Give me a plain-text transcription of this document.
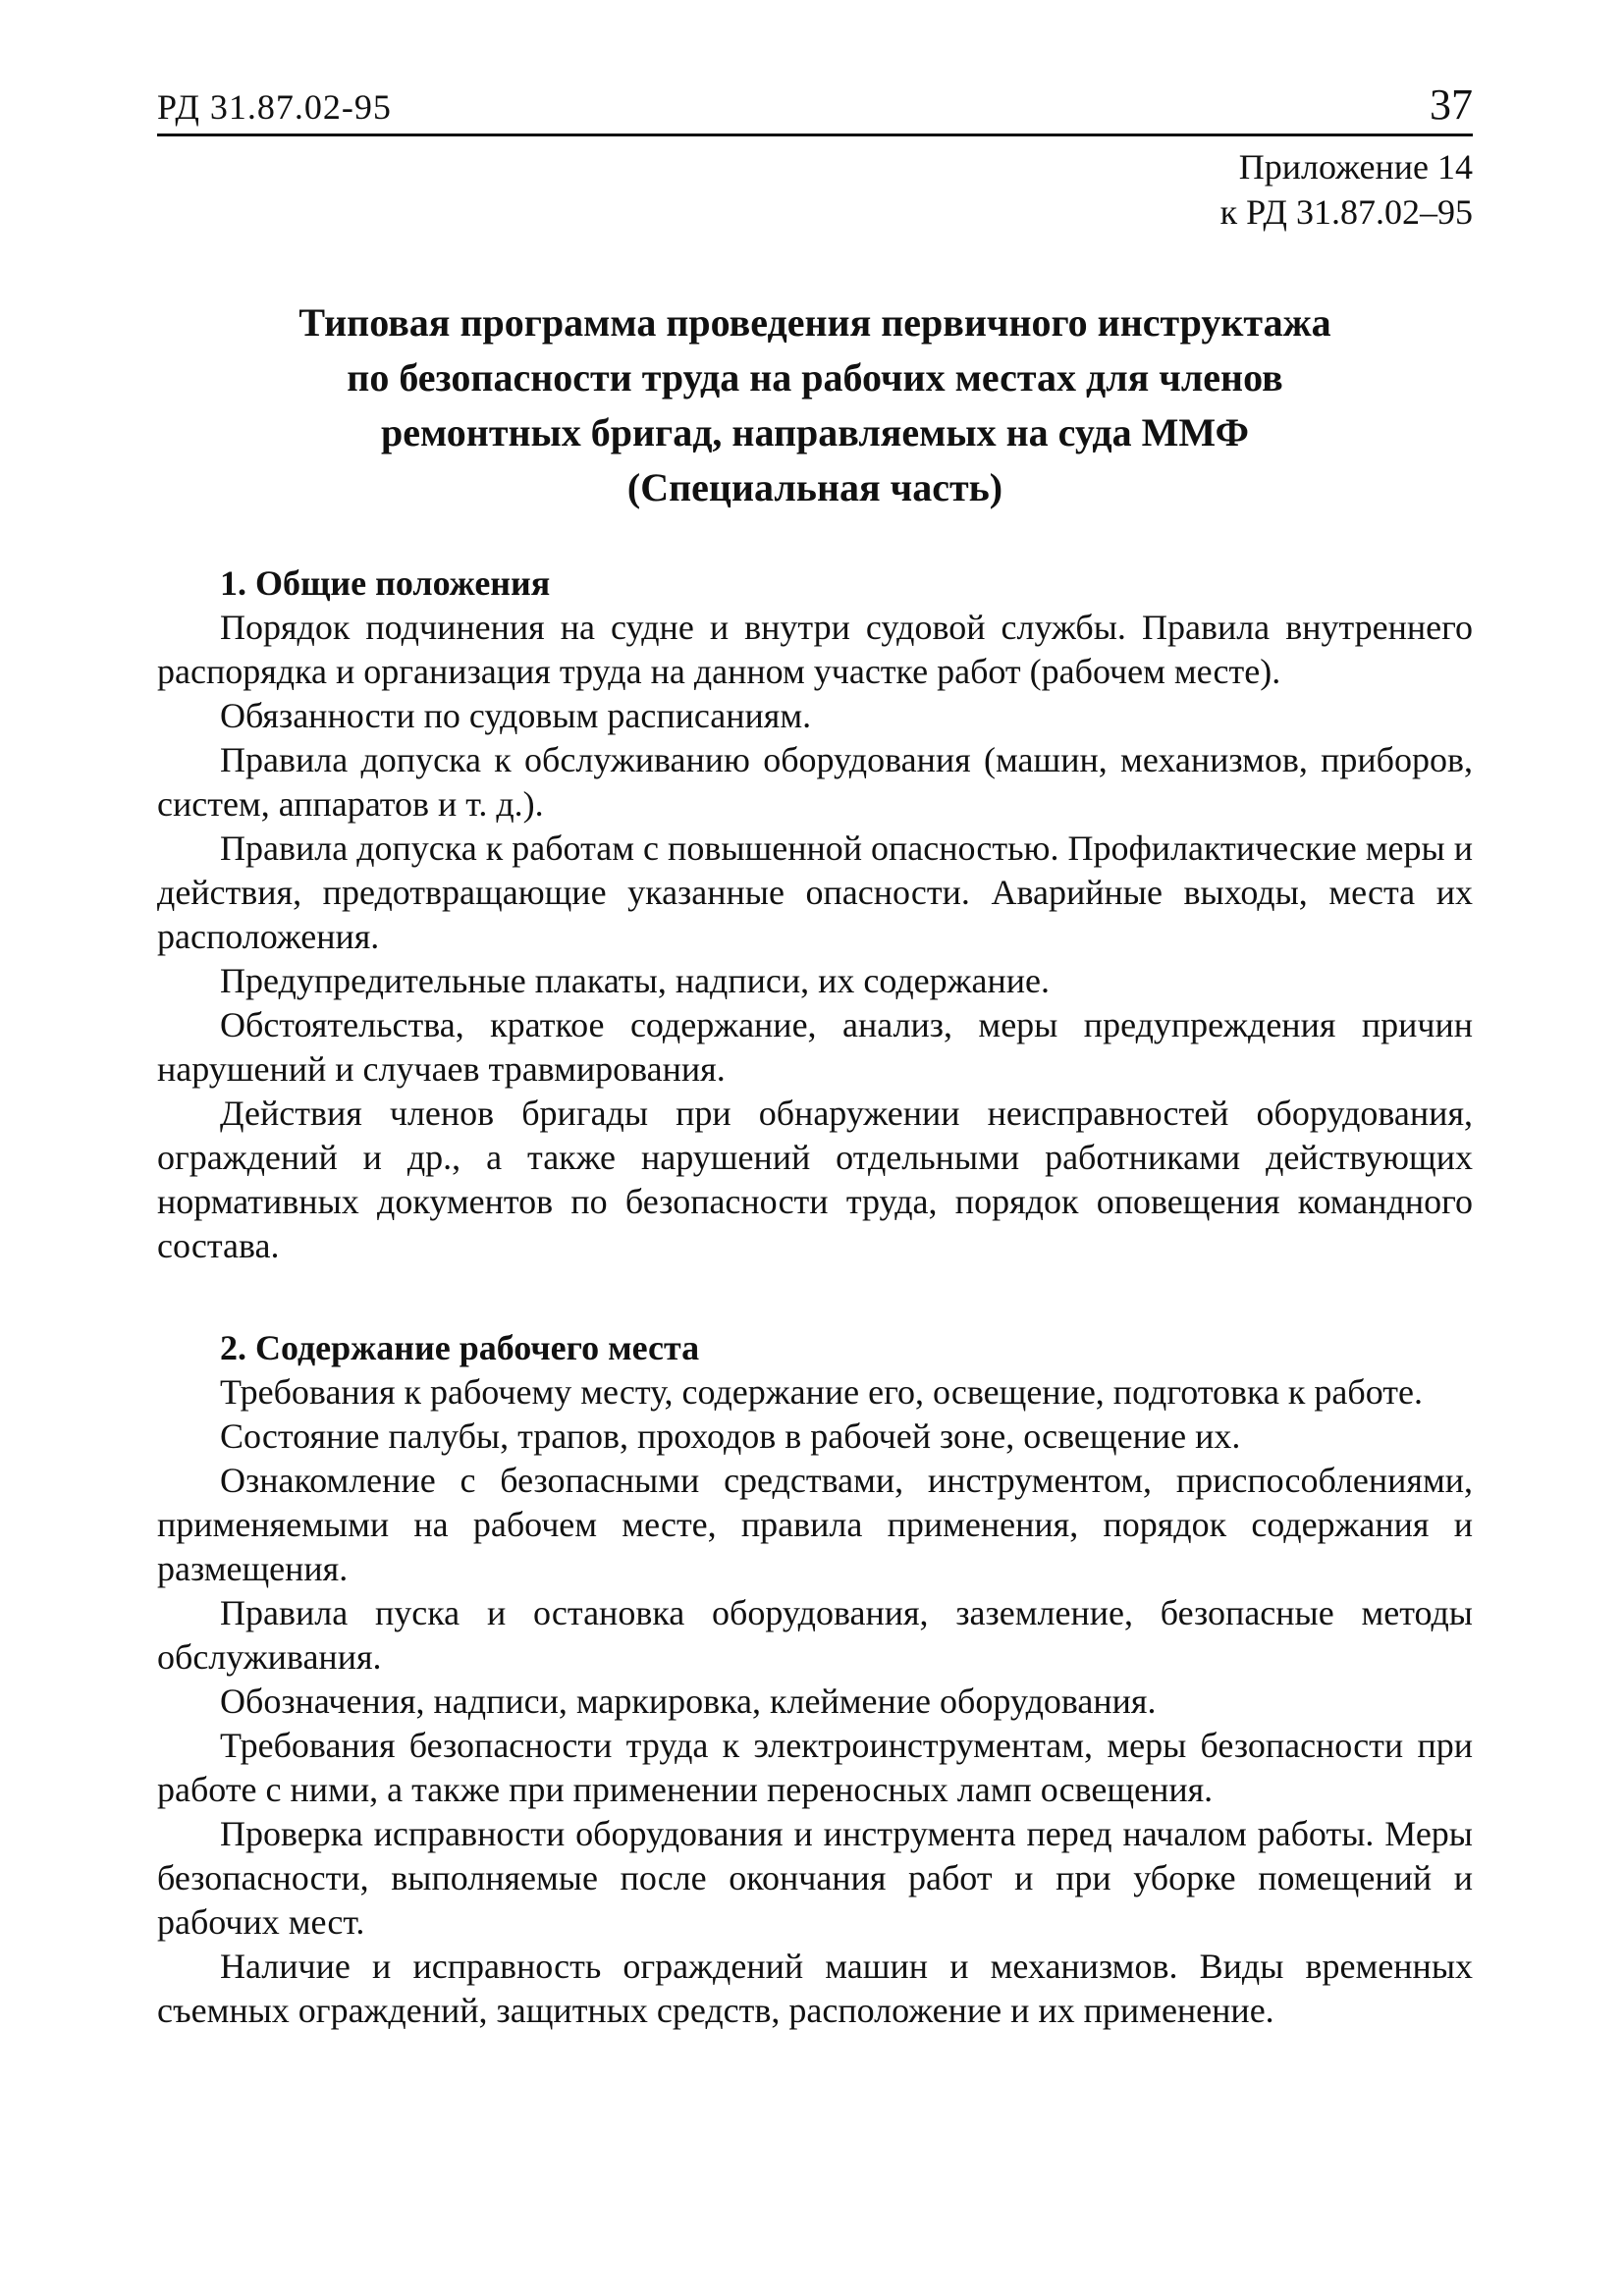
РД 31.87.02-95	37
Приложение 14
к РД 31.87.02–95
Типовая программа проведения первичного инструктажа
по безопасности труда на рабочих местах для членов
ремонтных бригад, направляемых на суда ММФ
(Специальная часть)
1. Общие положения

Порядок подчинения на судне и внутри судовой службы. Правила внутреннего распорядка и организация труда на данном участке работ (рабочем месте).

Обязанности по судовым расписаниям.

Правила допуска к обслуживанию оборудования (машин, механизмов, приборов, систем, аппаратов и т. д.).

Правила допуска к работам с повышенной опасностью. Профилактические меры и действия, предотвращающие указанные опасности. Аварийные выходы, места их расположения.

Предупредительные плакаты, надписи, их содержание.

Обстоятельства, краткое содержание, анализ, меры предупреждения причин нарушений и случаев травмирования.

Действия членов бригады при обнаружении неисправностей оборудования, ограждений и др., а также нарушений отдельными работниками действующих нормативных документов по безопасности труда, порядок оповещения командного состава.

2. Содержание рабочего места

Требования к рабочему месту, содержание его, освещение, подготовка к работе.

Состояние палубы, трапов, проходов в рабочей зоне, освещение их.

Ознакомление с безопасными средствами, инструментом, приспособлениями, применяемыми на рабочем месте, правила применения, порядок содержания и размещения.

Правила пуска и остановка оборудования, заземление, безопасные методы обслуживания.

Обозначения, надписи, маркировка, клеймение оборудования.

Требования безопасности труда к электроинструментам, меры безопасности при работе с ними, а также при применении переносных ламп освещения.

Проверка исправности оборудования и инструмента перед началом работы. Меры безопасности, выполняемые после окончания работ и при уборке помещений и рабочих мест.

Наличие и исправность ограждений машин и механизмов. Виды временных съемных ограждений, защитных средств, расположение и их применение.
